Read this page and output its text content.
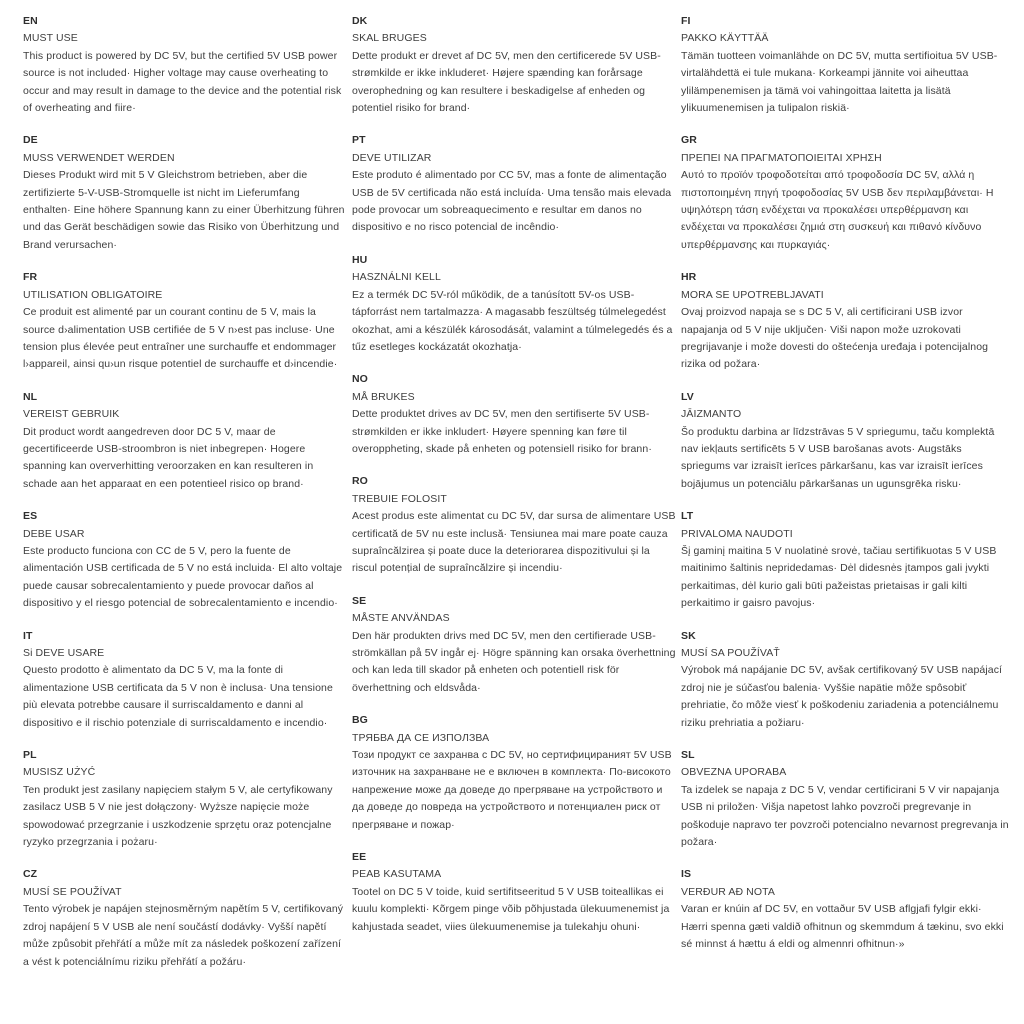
EN
MUST USE
This product is powered by DC 5V, but the certified 5V USB power source is not included· Higher voltage may cause overheating to occur and may result in damage to the device and the potential risk of overheating and fiire·
DE
MUSS VERWENDET WERDEN
Dieses Produkt wird mit 5 V Gleichstrom betrieben, aber die zertifizierte 5-V-USB-Stromquelle ist nicht im Lieferumfang enthalten· Eine höhere Spannung kann zu einer Überhitzung führen und das Gerät beschädigen sowie das Risiko von Überhitzung und Brand verursachen·
FR
UTILISATION OBLIGATOIRE
Ce produit est alimenté par un courant continu de 5 V, mais la source d›alimentation USB certifiée de 5 V n›est pas incluse· Une tension plus élevée peut entraîner une surchauffe et endommager l›appareil, ainsi qu›un risque potentiel de surchauffe et d›incendie·
NL
VEREIST GEBRUIK
Dit product wordt aangedreven door DC 5 V, maar de gecertificeerde USB-stroombron is niet inbegrepen· Hogere spanning kan oververhitting veroorzaken en kan resulteren in schade aan het apparaat en een potentieel risico op brand·
ES
DEBE USAR
Este producto funciona con CC de 5 V, pero la fuente de alimentación USB certificada de 5 V no está incluida· El alto voltaje puede causar sobrecalentamiento y puede provocar daños al dispositivo y el riesgo potencial de sobrecalentamiento e incendio·
IT
Si DEVE USARE
Questo prodotto è alimentato da DC 5 V, ma la fonte di alimentazione USB certificata da 5 V non è inclusa· Una tensione più elevata potrebbe causare il surriscaldamento e danni al dispositivo e il rischio potenziale di surriscaldamento e incendio·
PL
MUSISZ UŻYĆ
Ten produkt jest zasilany napięciem stałym 5 V, ale certyfikowany zasilacz USB 5 V nie jest dołączony· Wyższe napięcie może spowodować przegrzanie i uszkodzenie sprzętu oraz potencjalne ryzyko przegrzania i pożaru·
CZ
MUSÍ SE POUŽÍVAT
Tento výrobek je napájen stejnosměrným napětím 5 V, certifikovaný zdroj napájení 5 V USB ale není součástí dodávky· Vyšší napětí může způsobit přehřátí a může mít za následek poškození zařízení a vést k potenciálnímu riziku přehřátí a požáru·
DK
SKAL BRUGES
Dette produkt er drevet af DC 5V, men den certificerede 5V USB-strømkilde er ikke inkluderet· Højere spænding kan forårsage overophedning og kan resultere i beskadigelse af enheden og potentiel risiko for brand·
PT
DEVE UTILIZAR
Este produto é alimentado por CC 5V, mas a fonte de alimentação USB de 5V certificada não está incluída· Uma tensão mais elevada pode provocar um sobreaquecimento e resultar em danos no dispositivo e no risco potencial de incêndio·
HU
HASZNÁLNI KELL
Ez a termék DC 5V-ról működik, de a tanúsított 5V-os USB-tápforrást nem tartalmazza· A magasabb feszültség túlmelegedést okozhat, ami a készülék károsodását, valamint a túlmelegedés és a tűz esetleges kockázatát okozhatja·
NO
MÅ BRUKES
Dette produktet drives av DC 5V, men den sertifiserte 5V USB-strømkilden er ikke inkludert· Høyere spenning kan føre til overoppheting, skade på enheten og potensiell risiko for brann·
RO
TREBUIE FOLOSIT
Acest produs este alimentat cu DC 5V, dar sursa de alimentare USB certificată de 5V nu este inclusă· Tensiunea mai mare poate cauza supraîncălzirea și poate duce la deteriorarea dispozitivului și la riscul potențial de supraîncălzire și incendiu·
SE
MÅSTE ANVÄNDAS
Den här produkten drivs med DC 5V, men den certifierade USB-strömkällan på 5V ingår ej· Högre spänning kan orsaka överhettning och kan leda till skador på enheten och potentiell risk för överhettning och eldsvåda·
BG
ТРЯБВА ДА СЕ ИЗПОЛЗВА
Този продукт се захранва с DC 5V, но сертифицираният 5V USB източник на захранване не е включен в комплекта· По-високото напрежение може да доведе до прегряване на устройството и да доведе до повреда на устройството и потенциален риск от прегряване и пожар·
EE
PEAB KASUTAMA
Tootel on DC 5 V toide, kuid sertifitseeritud 5 V USB toiteallikas ei kuulu komplekti· Kõrgem pinge võib põhjustada ülekuumenemist ja kahjustada seadet, viies ülekuumenemise ja tulekahju ohuni·
FI
PAKKO KÄYTTÄÄ
Tämän tuotteen voimanlähde on DC 5V, mutta sertifioitua 5V USB-virtalähdettä ei tule mukana· Korkeampi jännite voi aiheuttaa ylilämpenemisen ja tämä voi vahingoittaa laitetta ja lisätä ylikuumenemisen ja tulipalon riskiä·
GR
ΠΡΕΠΕΙ ΝΑ ΠΡΑΓΜΑΤΟΠΟΙΕΙΤΑΙ ΧΡΗΣΗ
Αυτό το προϊόν τροφοδοτείται από τροφοδοσία DC 5V, αλλά η πιστοποιημένη πηγή τροφοδοσίας 5V USB δεν περιλαμβάνεται· Η υψηλότερη τάση ενδέχεται να προκαλέσει υπερθέρμανση και ενδέχεται να προκαλέσει ζημιά στη συσκευή και πιθανό κίνδυνο υπερθέρμανσης και πυρκαγιάς·
HR
MORA SE UPOTREBLJAVATI
Ovaj proizvod napaja se s DC 5 V, ali certificirani USB izvor napajanja od 5 V nije uključen· Viši napon može uzrokovati pregrijavanje i može dovesti do oštećenja uređaja i potencijalnog rizika od požara·
LV
JĀIZMANTO
Šo produktu darbina ar līdzstrāvas 5 V spriegumu, taču komplektā nav iekļauts sertificēts 5 V USB barošanas avots· Augstāks spriegums var izraisīt ierīces pārkaršanu, kas var izraisīt ierīces bojājumus un potenciālu pārkaršanas un ugunsgrēka risku·
LT
PRIVALOMA NAUDOTI
Šį gaminį maitina 5 V nuolatinė srovė, tačiau sertifikuotas 5 V USB maitinimo šaltinis nepridedamas· Dėl didesnės įtampos gali įvykti perkaitimas, dėl kurio gali būti pažeistas prietaisas ir gali kilti perkaitimo ir gaisro pavojus·
SK
MUSÍ SA POUŽÍVAŤ
Výrobok má napájanie DC 5V, avšak certifikovaný 5V USB napájací zdroj nie je súčasťou balenia· Vyššie napätie môže spôsobiť prehriatie, čo môže viesť k poškodeniu zariadenia a potenciálnemu riziku prehriatia a požiaru·
SL
OBVEZNA UPORABA
Ta izdelek se napaja z DC 5 V, vendar certificirani 5 V vir napajanja USB ni priložen· Višja napetost lahko povzroči pregrevanje in poškoduje napravo ter povzroči potencialno nevarnost pregrevanja in požara·
IS
VERÐUR AÐ NOTA
Varan er knúin af DC 5V, en vottaður 5V USB aflgjafi fylgir ekki· Hærri spenna gæti valdið ofhitnun og skemmdum á tækinu, svo ekki sé minnst á hættu á eldi og almennri ofhitnun·»
